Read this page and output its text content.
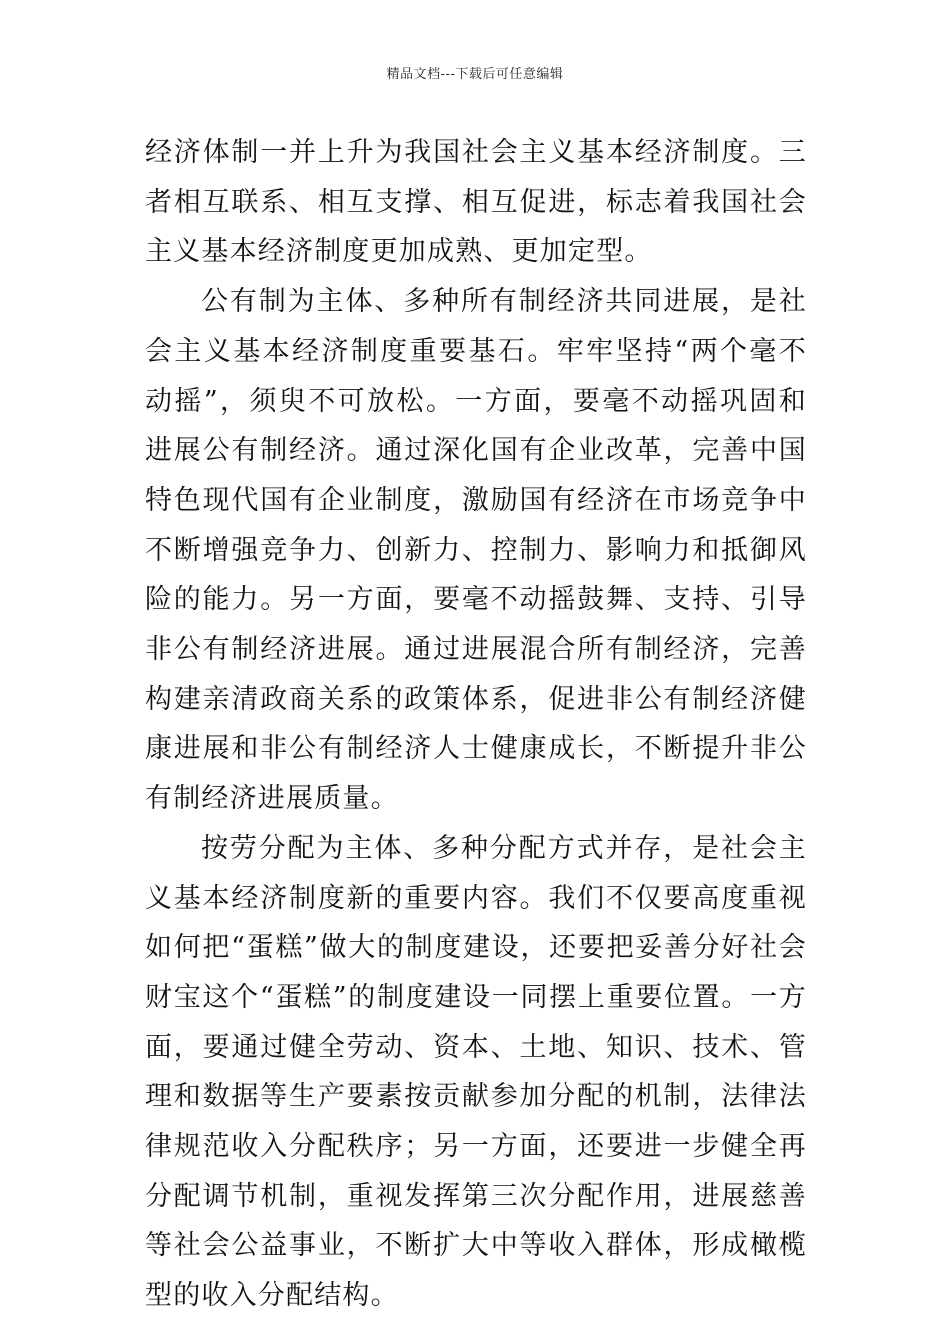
精品文档---下载后可任意编辑

经济体制一并上升为我国社会主义基本经济制度。三者相互联系、相互支撑、相互促进，标志着我国社会主义基本经济制度更加成熟、更加定型。

公有制为主体、多种所有制经济共同进展，是社会主义基本经济制度重要基石。牢牢坚持“两个毫不动摇”，须臾不可放松。一方面，要毫不动摇巩固和进展公有制经济。通过深化国有企业改革，完善中国特色现代国有企业制度，激励国有经济在市场竞争中不断增强竞争力、创新力、控制力、影响力和抵御风险的能力。另一方面，要毫不动摇鼓舞、支持、引导非公有制经济进展。通过进展混合所有制经济，完善构建亲清政商关系的政策体系，促进非公有制经济健康进展和非公有制经济人士健康成长，不断提升非公有制经济进展质量。

按劳分配为主体、多种分配方式并存，是社会主义基本经济制度新的重要内容。我们不仅要高度重视如何把“蛋糕”做大的制度建设，还要把妥善分好社会财宝这个“蛋糕”的制度建设一同摆上重要位置。一方面，要通过健全劳动、资本、土地、知识、技术、管理和数据等生产要素按贡献参加分配的机制，法律法律规范收入分配秩序；另一方面，还要进一步健全再分配调节机制，重视发挥第三次分配作用，进展慈善等社会公益事业，不断扩大中等收入群体，形成橄榄型的收入分配结构。
